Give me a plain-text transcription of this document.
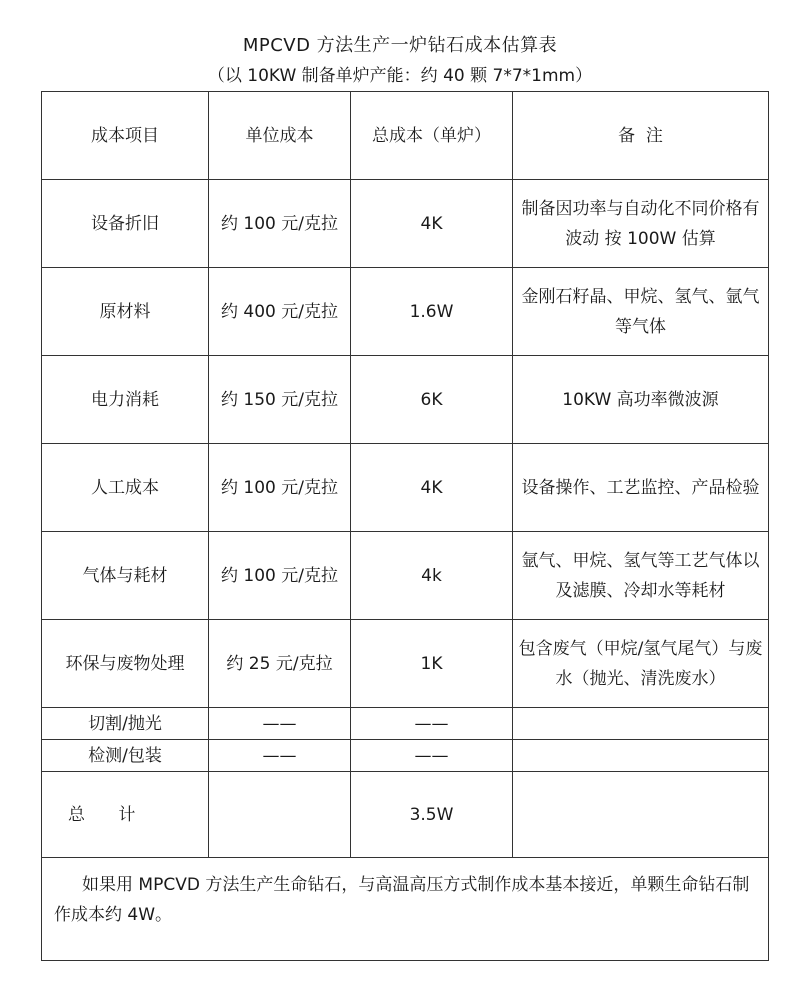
MPCVD 方法生产一炉钻石成本估算表
（以 10KW 制备单炉产能：约 40 颗 7*7*1mm）
成本项目	单位成本	总成本（单炉）	备  注
设备折旧	约 100 元/克拉	4K	制备因功率与自动化不同价格有波动 按 100W 估算
原材料	约 400 元/克拉	1.6W	金刚石籽晶、甲烷、氢气、氩气等气体
电力消耗	约 150 元/克拉	6K	10KW 高功率微波源
人工成本	约 100 元/克拉	4K	设备操作、工艺监控、产品检验
气体与耗材	约 100 元/克拉	4k	氩气、甲烷、氢气等工艺气体以及滤膜、冷却水等耗材
环保与废物处理	约 25 元/克拉	1K	包含废气（甲烷/氢气尾气）与废水（抛光、清洗废水）
切割/抛光	——	——	
检测/包装	——	——	
总 计		3.5W	
如果用 MPCVD 方法生产生命钻石，与高温高压方式制作成本基本接近，单颗生命钻石制作成本约 4W。			
